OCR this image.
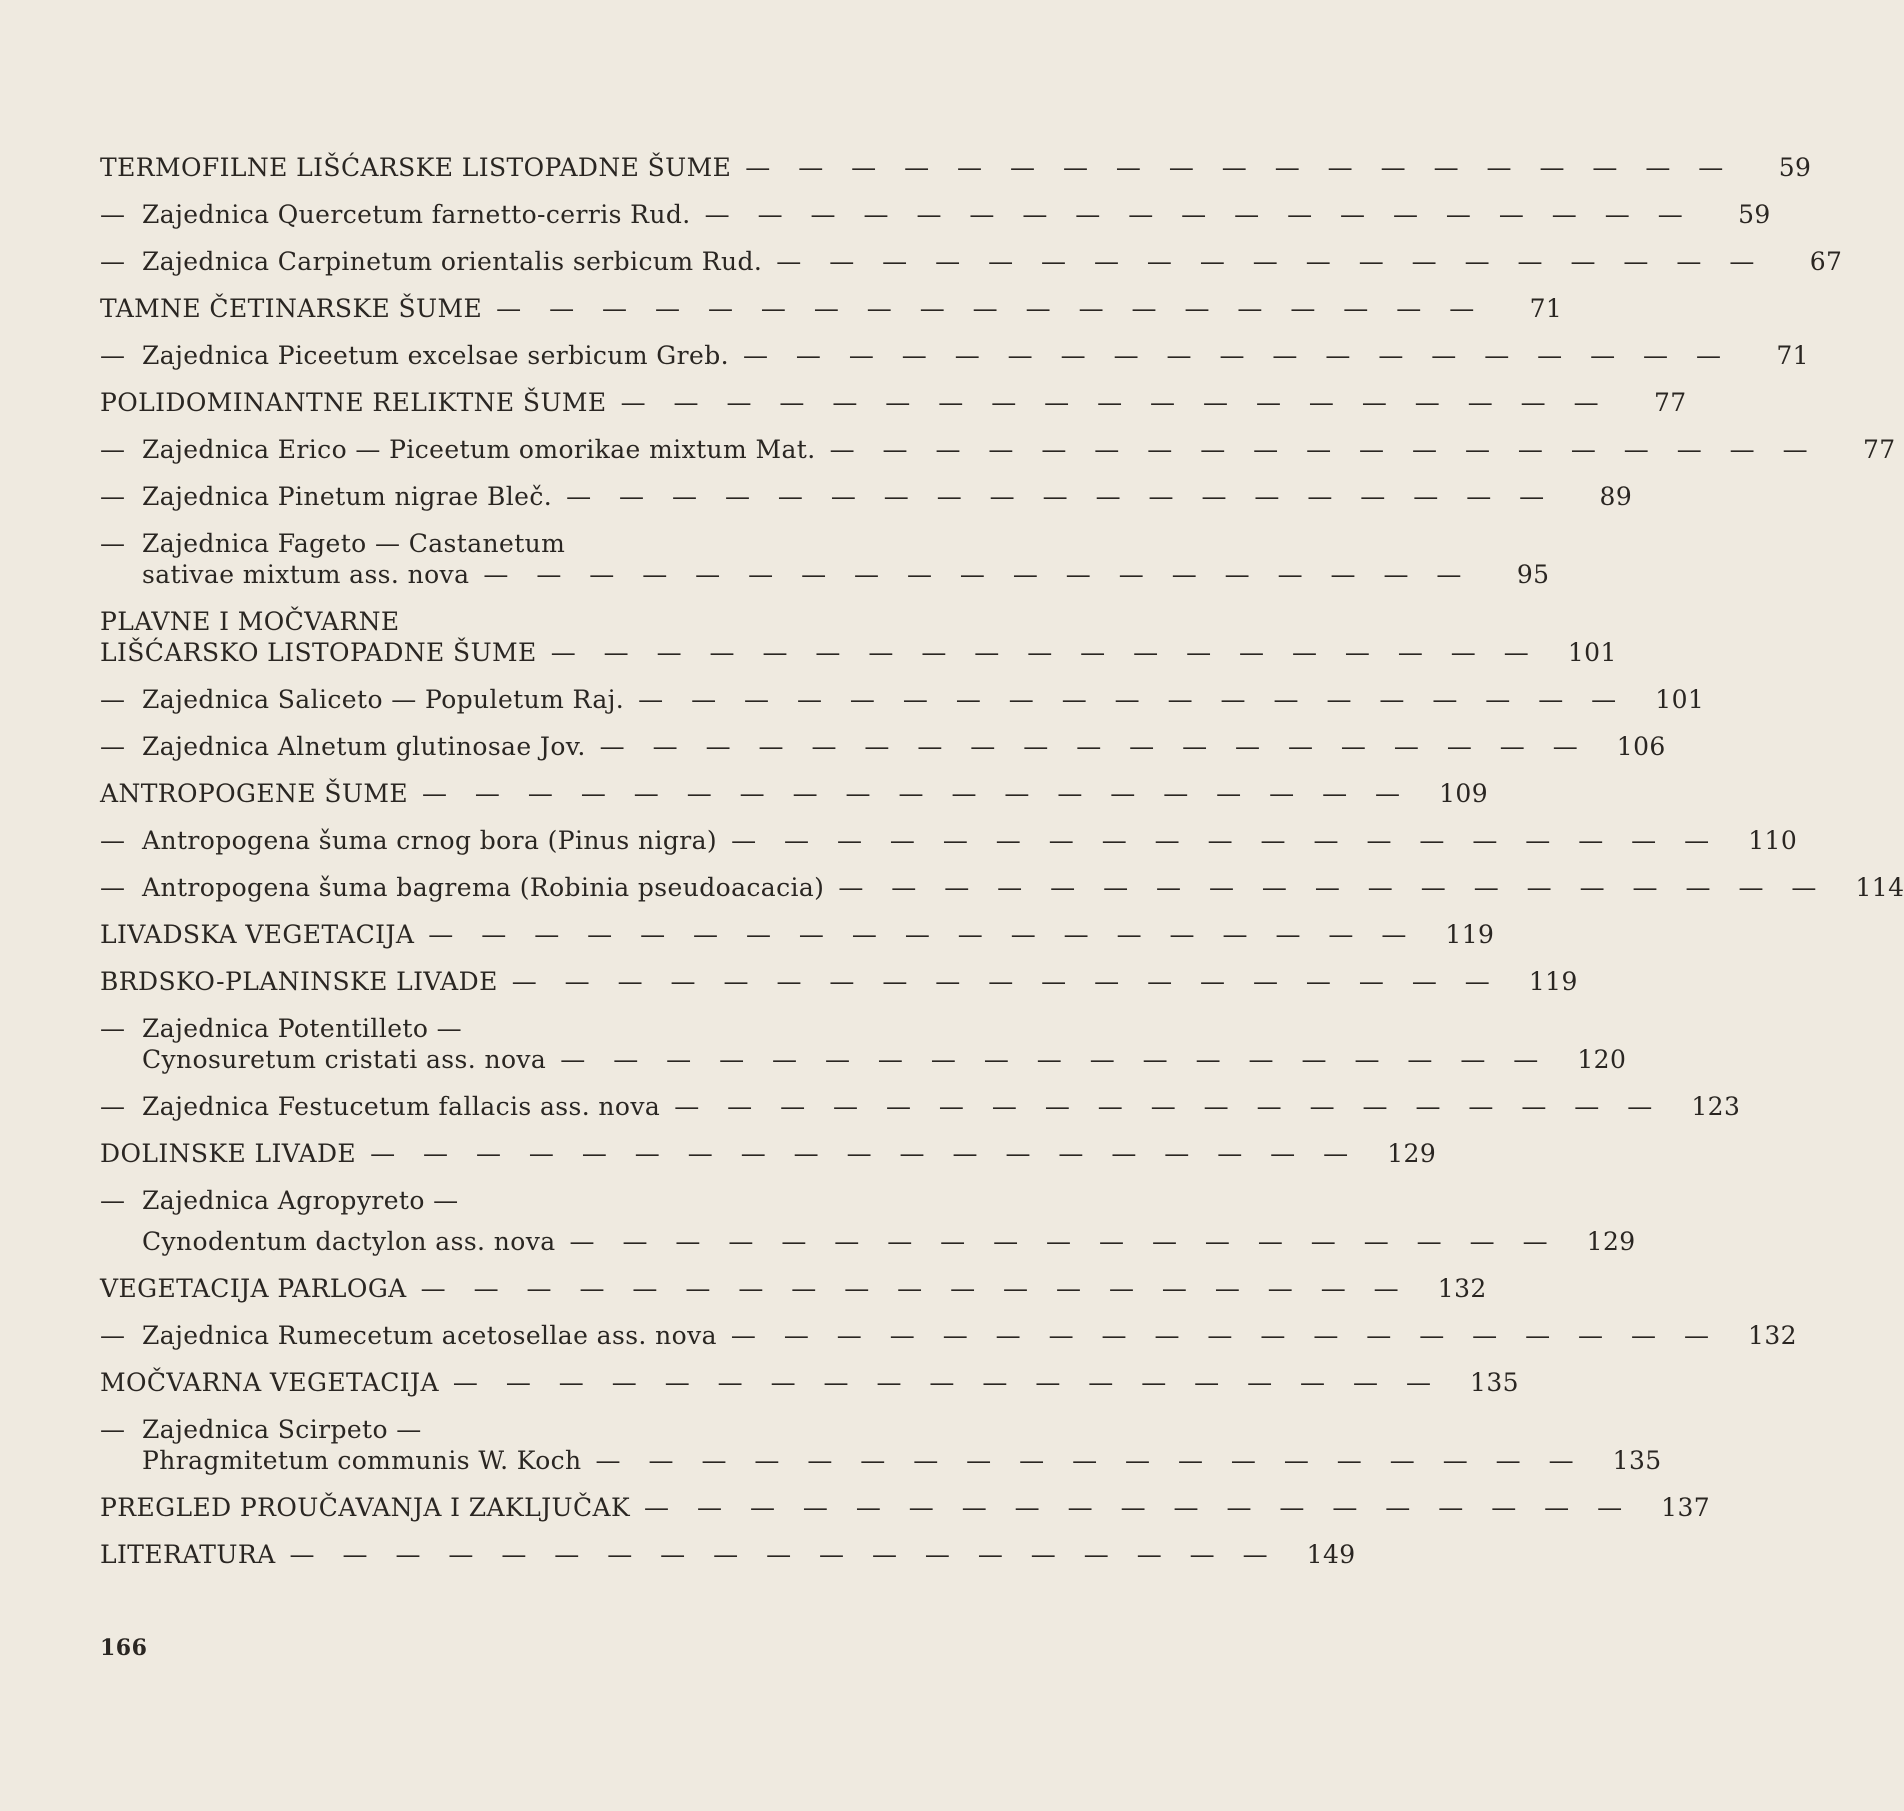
TERMOFILNE LIŠĆARSKE LISTOPADNE ŠUME — — — — — — — — — — — — — — — — — — —	59
— Zajednica Quercetum farnetto-cerris Rud. — — — — — — — — — — — — — — — — — — —	59
— Zajednica Carpinetum orientalis serbicum Rud. — — — — — — — — — — — — — — — — — — —	67
TAMNE ČETINARSKE ŠUME — — — — — — — — — — — — — — — — — — —	71
— Zajednica Piceetum excelsae serbicum Greb. — — — — — — — — — — — — — — — — — — —	71
POLIDOMINANTNE RELIKTNE ŠUME — — — — — — — — — — — — — — — — — — —	77
— Zajednica Erico — Piceetum omorikae mixtum Mat. — — — — — — — — — — — — — — — — — — —	77
— Zajednica Pinetum nigrae Bleč. — — — — — — — — — — — — — — — — — — —	89
— Zajednica Fageto — Castanetum
sativae mixtum ass. nova — — — — — — — — — — — — — — — — — — —	95
PLAVNE I MOČVARNE
LIŠĆARSKO LISTOPADNE ŠUME — — — — — — — — — — — — — — — — — — —	101
— Zajednica Saliceto — Populetum Raj. — — — — — — — — — — — — — — — — — — —	101
— Zajednica Alnetum glutinosae Jov. — — — — — — — — — — — — — — — — — — —	106
ANTROPOGENE ŠUME — — — — — — — — — — — — — — — — — — —	109
— Antropogena šuma crnog bora (Pinus nigra) — — — — — — — — — — — — — — — — — — —	110
— Antropogena šuma bagrema (Robinia pseudoacacia) — — — — — — — — — — — — — — — — — — —	114
LIVADSKA VEGETACIJA — — — — — — — — — — — — — — — — — — —	119
BRDSKO-PLANINSKE LIVADE — — — — — — — — — — — — — — — — — — —	119
— Zajednica Potentilleto —
Cynosuretum cristati ass. nova — — — — — — — — — — — — — — — — — — —	120
— Zajednica Festucetum fallacis ass. nova — — — — — — — — — — — — — — — — — — —	123
DOLINSKE LIVADE — — — — — — — — — — — — — — — — — — —	129
— Zajednica Agropyreto —
Cynodentum dactylon ass. nova — — — — — — — — — — — — — — — — — — —	129
VEGETACIJA PARLOGA — — — — — — — — — — — — — — — — — — —	132
— Zajednica Rumecetum acetosellae ass. nova — — — — — — — — — — — — — — — — — — —	132
MOČVARNA VEGETACIJA — — — — — — — — — — — — — — — — — — —	135
— Zajednica Scirpeto —
Phragmitetum communis W. Koch — — — — — — — — — — — — — — — — — — —	135
PREGLED PROUČAVANJA I ZAKLJUČAK — — — — — — — — — — — — — — — — — — —	137
LITERATURA — — — — — — — — — — — — — — — — — — —	149
166
